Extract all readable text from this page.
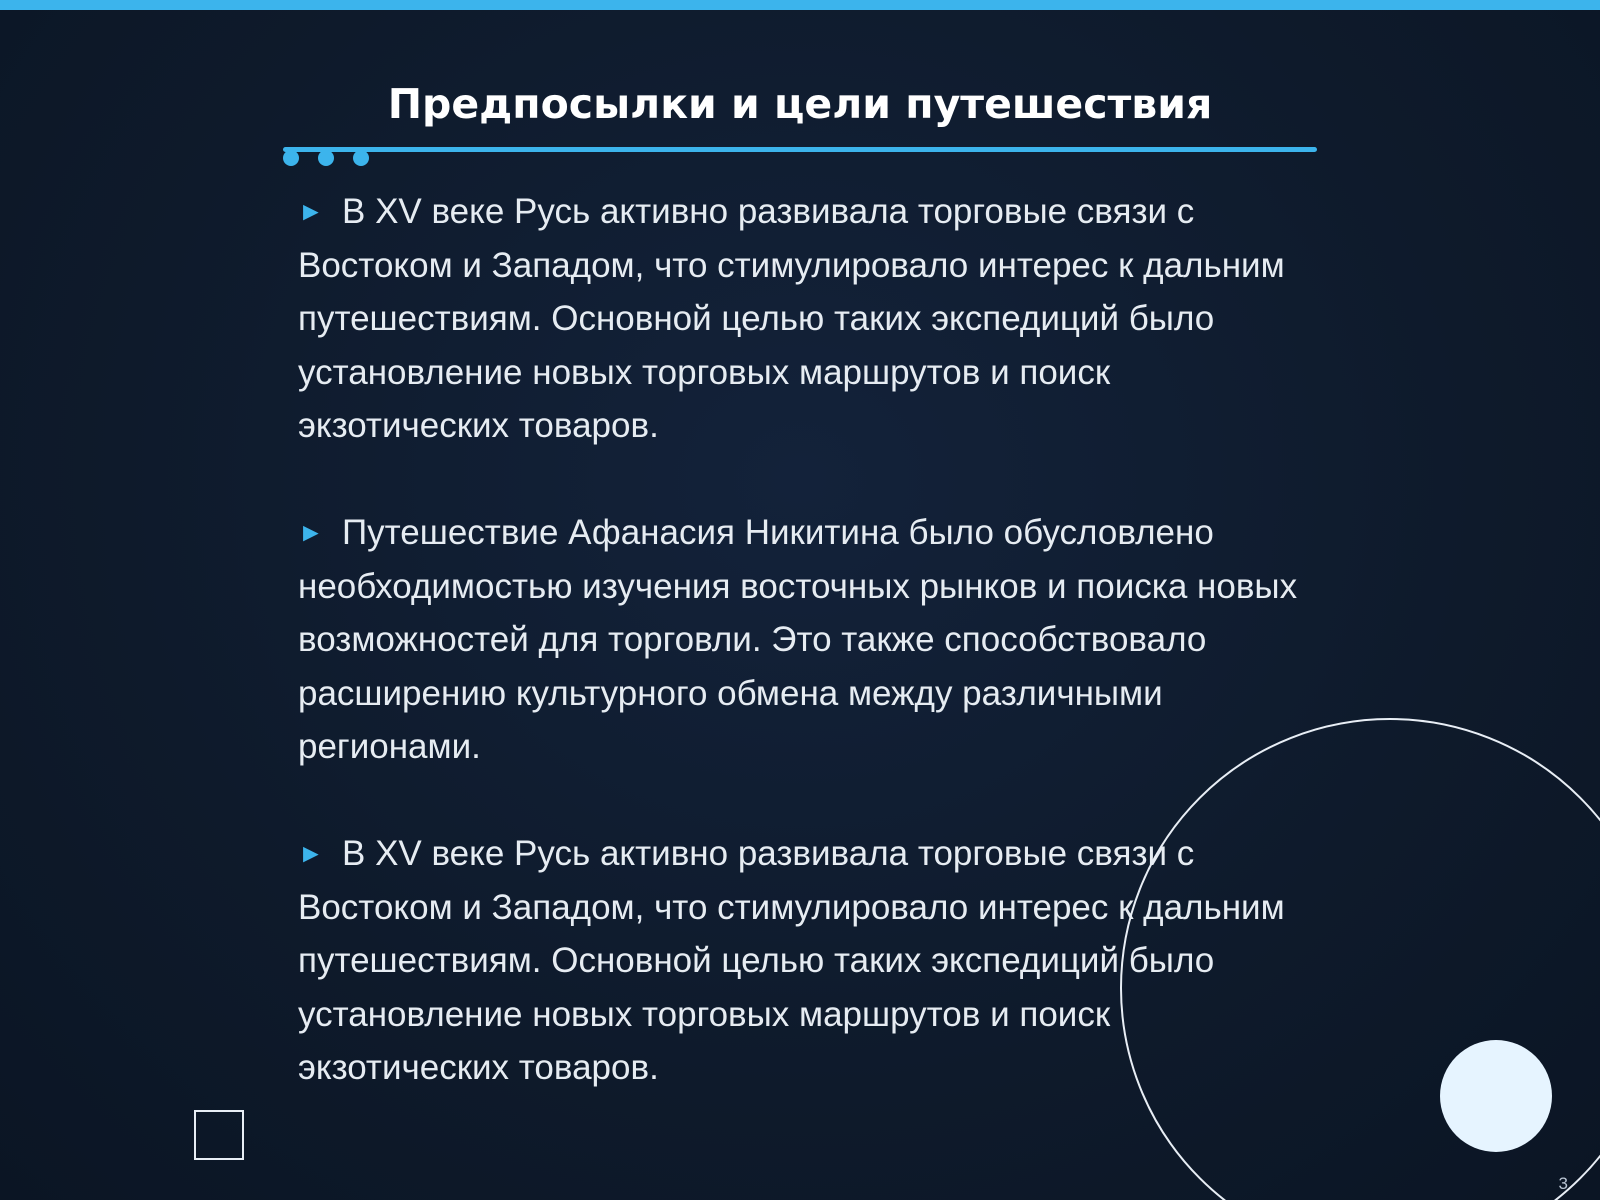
Предпосылки и цели путешествия

► В XV веке Русь активно развивала торговые связи с Востоком и Западом, что стимулировало интерес к дальним путешествиям. Основной целью таких экспедиций было установление новых торговых маршрутов и поиск экзотических товаров.

► Путешествие Афанасия Никитина было обусловлено необходимостью изучения восточных рынков и поиска новых возможностей для торговли. Это также способствовало расширению культурного обмена между различными регионами.

► В XV веке Русь активно развивала торговые связи с Востоком и Западом, что стимулировало интерес к дальним путешествиям. Основной целью таких экспедиций было установление новых торговых маршрутов и поиск экзотических товаров.

3
